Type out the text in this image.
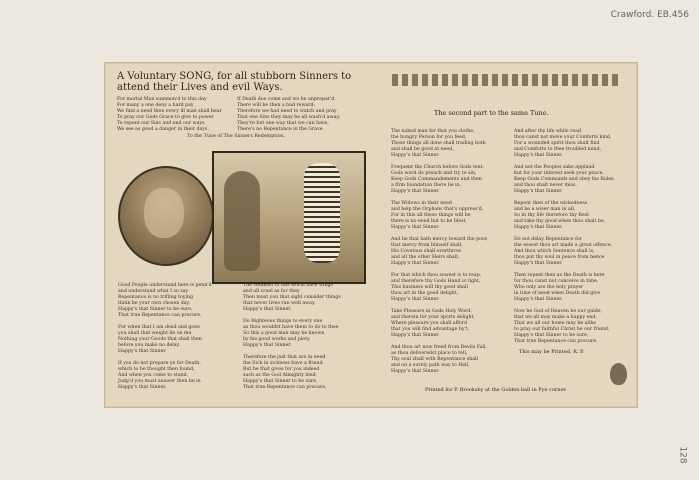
Crawford. EB.456
128
A Voluntary SONG, for all stubborn Sinners to attend their Lives and evil Ways.
For mortal Man summon'd to this day
For many a one deny a hard pay
We find a need then every ill man shall hear
To pray our Gods Grace to give to power
To repent our Sins and end our ways
We see as good a danger in their days.
If Death doe come and we be unprepar'd,
There will be then a bad reward;
Therefore we had need to watch and pray
That one Sins they may be all wash'd away;
They're but one way that we can have,
There's no Repentance in the Grave.
To the Tune of The Sinners Redemption.
Good People understand here is penn'd
and understand what I so say
Repentance is no trifling toying
think be your own chosen day.
Happy's that Sinner to be sure,
That true Repentance can procure.

For when that I am dead and gone
you shall that weight lie on me,
Nothing your Goods that shall then
before you make no delay.
Happy's that Sinner.

If you do not prepare ye for Death,
which to be thought then found,
And when you come to stand,
Judg'd you must answer then be in
Happy's that Sinner.
The Weakest of this world have wings
and all cruel as for they
Then must you that sight consider things
that never lives run well away.
Happy's that Sinner.

Do Righteous things to every one
as thou wouldst have them to do to thee
So this a good man may be known
by his good works and piety.
Happy's that Sinner.

Therefore the just that are in need
the Sick in sickness have a friend
But he that gives for you indeed
such as the God Almighty lend,
Happy's that Sinner to be sure,
That true Repentance can procure.
The second part to the same Tune.
The naked man for that you clothe,
the hungry Person for you feed,
Those things all done shall trading both
and shall be good at need,
Happy's that Sinner.

Frequent the Church before Gods tent,
Gods word do preach and try to sin,
Keep Gods Commandements and then
a firm foundation there lie in,
Happy's that Sinner.

The Widows in their need
and help the Orphans that's oppress'd,
For in this all these things will be
there is no need but to be blest,
Happy's that Sinner.

And he that hath mercy toward the poor,
that mercy from himself shall,
His Covetous shall overthrow
and all the other Heirs shall,
Happy's that Sinner.

For that which thou sowest is to reap,
and therefore thy Gods Hand is right,
This business will thy good shall
thou art in the good delight,
Happy's that Sinner.

Take Pleasure in Gods Holy Word,
and therein for your sports delight,
Where pleasure you shall afford
that you will find advantage by't,
Happy's that Sinner.

And thou art now freed from Devils Fall,
as thou deliveredst place to tell,
Thy soul shall with Repentance shall
and on a surely path way to Hell,
Happy's that Sinner.
And after thy life while read
thou canst not move your Comforts kind,
For a wounded spirit thou shalt find
and Comforts to thee troubled mind,
Happy's that Sinner.

And not the Peoples sake applaud
but for your interest seek your peace,
Keep Gods Commands and obey his Rules,
and thou shalt never miss,
Happy's that Sinner.

Repent then of the wickedness
and be a wiser man in all,
So in thy life therefore thy Rest
and take thy good when thou shalt be,
Happy's that Sinner.

Do not delay Repentance for
the wisest thou art made a great offence,
And thou which Sentence shall is,
thou put thy soul in peace from hence
Happy's that Sinner.

Then repent then as the Death is here
for thou canst not conceive in time,
Who only are the holy prayer
in time of need when Death did give
Happy's that Sinner.

Now be God of Heaven be our guide,
that we all may make a happy end,
That we all our home may lie alike
to pray our faithful Christ be our friend,
Happy's that Sinner to be sure,
That true Repentance can procure.
This may be Printed, R. P.
Printed for P. Brooksby at the Golden ball in Pye corner.
